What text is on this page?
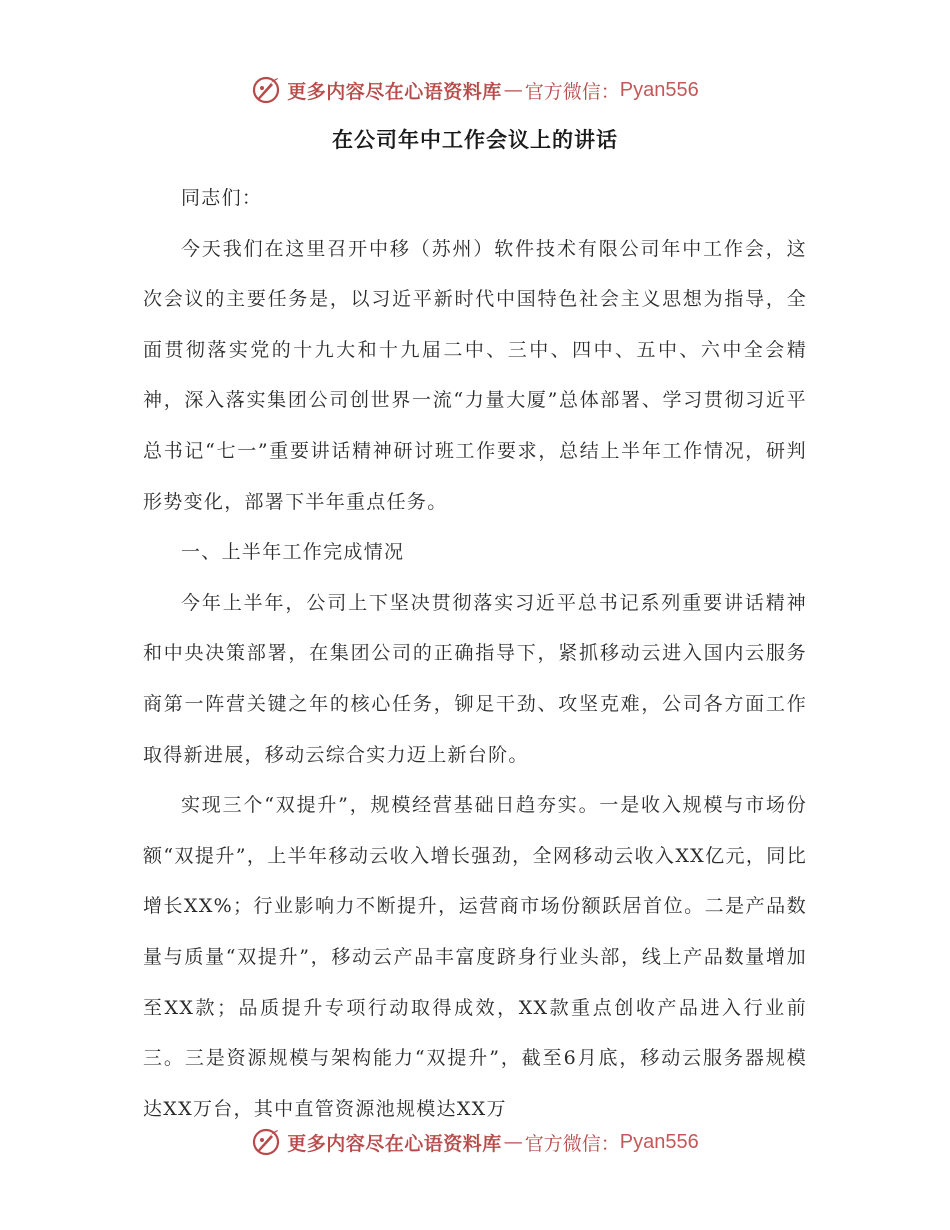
更多内容尽在心语资料库 — 官方微信： Pyan556
在公司年中工作会议上的讲话

同志们：

今天我们在这里召开中移（苏州）软件技术有限公司年中工作会，这次会议的主要任务是，以习近平新时代中国特色社会主义思想为指导，全面贯彻落实党的十九大和十九届二中、三中、四中、五中、六中全会精神，深入落实集团公司创世界一流“力量大厦”总体部署、学习贯彻习近平总书记“七一”重要讲话精神研讨班工作要求，总结上半年工作情况，研判形势变化，部署下半年重点任务。

一、上半年工作完成情况

今年上半年，公司上下坚决贯彻落实习近平总书记系列重要讲话精神和中央决策部署，在集团公司的正确指导下，紧抓移动云进入国内云服务商第一阵营关键之年的核心任务，铆足干劲、攻坚克难，公司各方面工作取得新进展，移动云综合实力迈上新台阶。

实现三个“双提升”，规模经营基础日趋夯实。一是收入规模与市场份额“双提升”，上半年移动云收入增长强劲，全网移动云收入XX亿元，同比增长XX%；行业影响力不断提升，运营商市场份额跃居首位。二是产品数量与质量“双提升”，移动云产品丰富度跻身行业头部，线上产品数量增加至XX款；品质提升专项行动取得成效，XX款重点创收产品进入行业前三。三是资源规模与架构能力“双提升”，截至6月底，移动云服务器规模达XX万台，其中直管资源池规模达XX万

更多内容尽在心语资料库 — 官方微信： Pyan556
